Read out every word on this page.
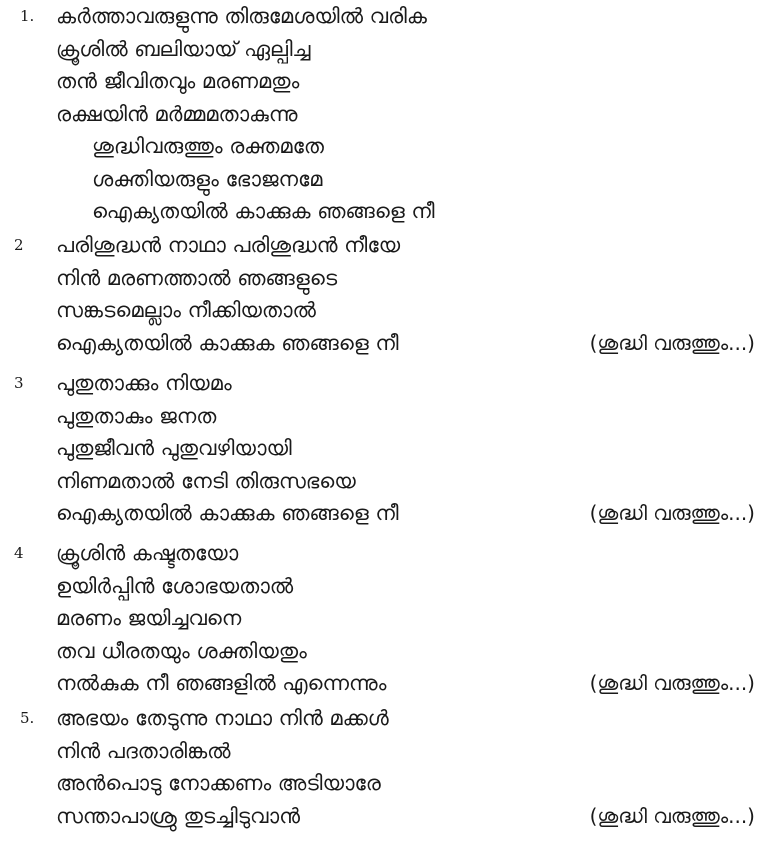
1.	കർത്താവരുളുന്നു തിരുമേശയിൽ വരിക
ക്രൂശിൽ ബലിയായ് ഏല്പിച്ച
തൻ ജീവിതവും മരണമതും
രക്ഷയിൻ മർമ്മമതാകുന്നു
ശുദ്ധിവരുത്തും രക്തമതേ
ശക്തിയരുളും ഭോജനമേ
ഐക്യതയിൽ കാക്കുക ഞങ്ങളെ നീ
2	പരിശുദ്ധൻ നാഥാ പരിശുദ്ധൻ നീയേ
നിൻ മരണത്താൽ ഞങ്ങളുടെ
സങ്കടമെല്ലാം നീക്കിയതാൽ
ഐക്യതയിൽ കാക്കുക ഞങ്ങളെ നീ	(ശുദ്ധി വരുത്തും...)
3	പുതുതാക്കും നിയമം
പുതുതാകും ജനത
പുതുജീവൻ പുതുവഴിയായി
നിണമതാൽ നേടി തിരുസഭയെ
ഐക്യതയിൽ കാക്കുക ഞങ്ങളെ നീ	(ശുദ്ധി വരുത്തും...)
4	ക്രൂശിൻ കഷ്ടതയോ
ഉയിർപ്പിൻ ശോഭയതാൽ
മരണം ജയിച്ചവനെ
തവ ധീരതയും ശക്തിയതും
നൽകുക നീ ഞങ്ങളിൽ എന്നെന്നും	(ശുദ്ധി വരുത്തും...)
5.	അഭയം തേടുന്നു നാഥാ നിൻ മക്കൾ
നിൻ പദതാരിങ്കൽ
അൻപൊടു നോക്കണം അടിയാരേ
സന്താപാശ്രു തുടച്ചിടുവാൻ	(ശുദ്ധി വരുത്തും...)
